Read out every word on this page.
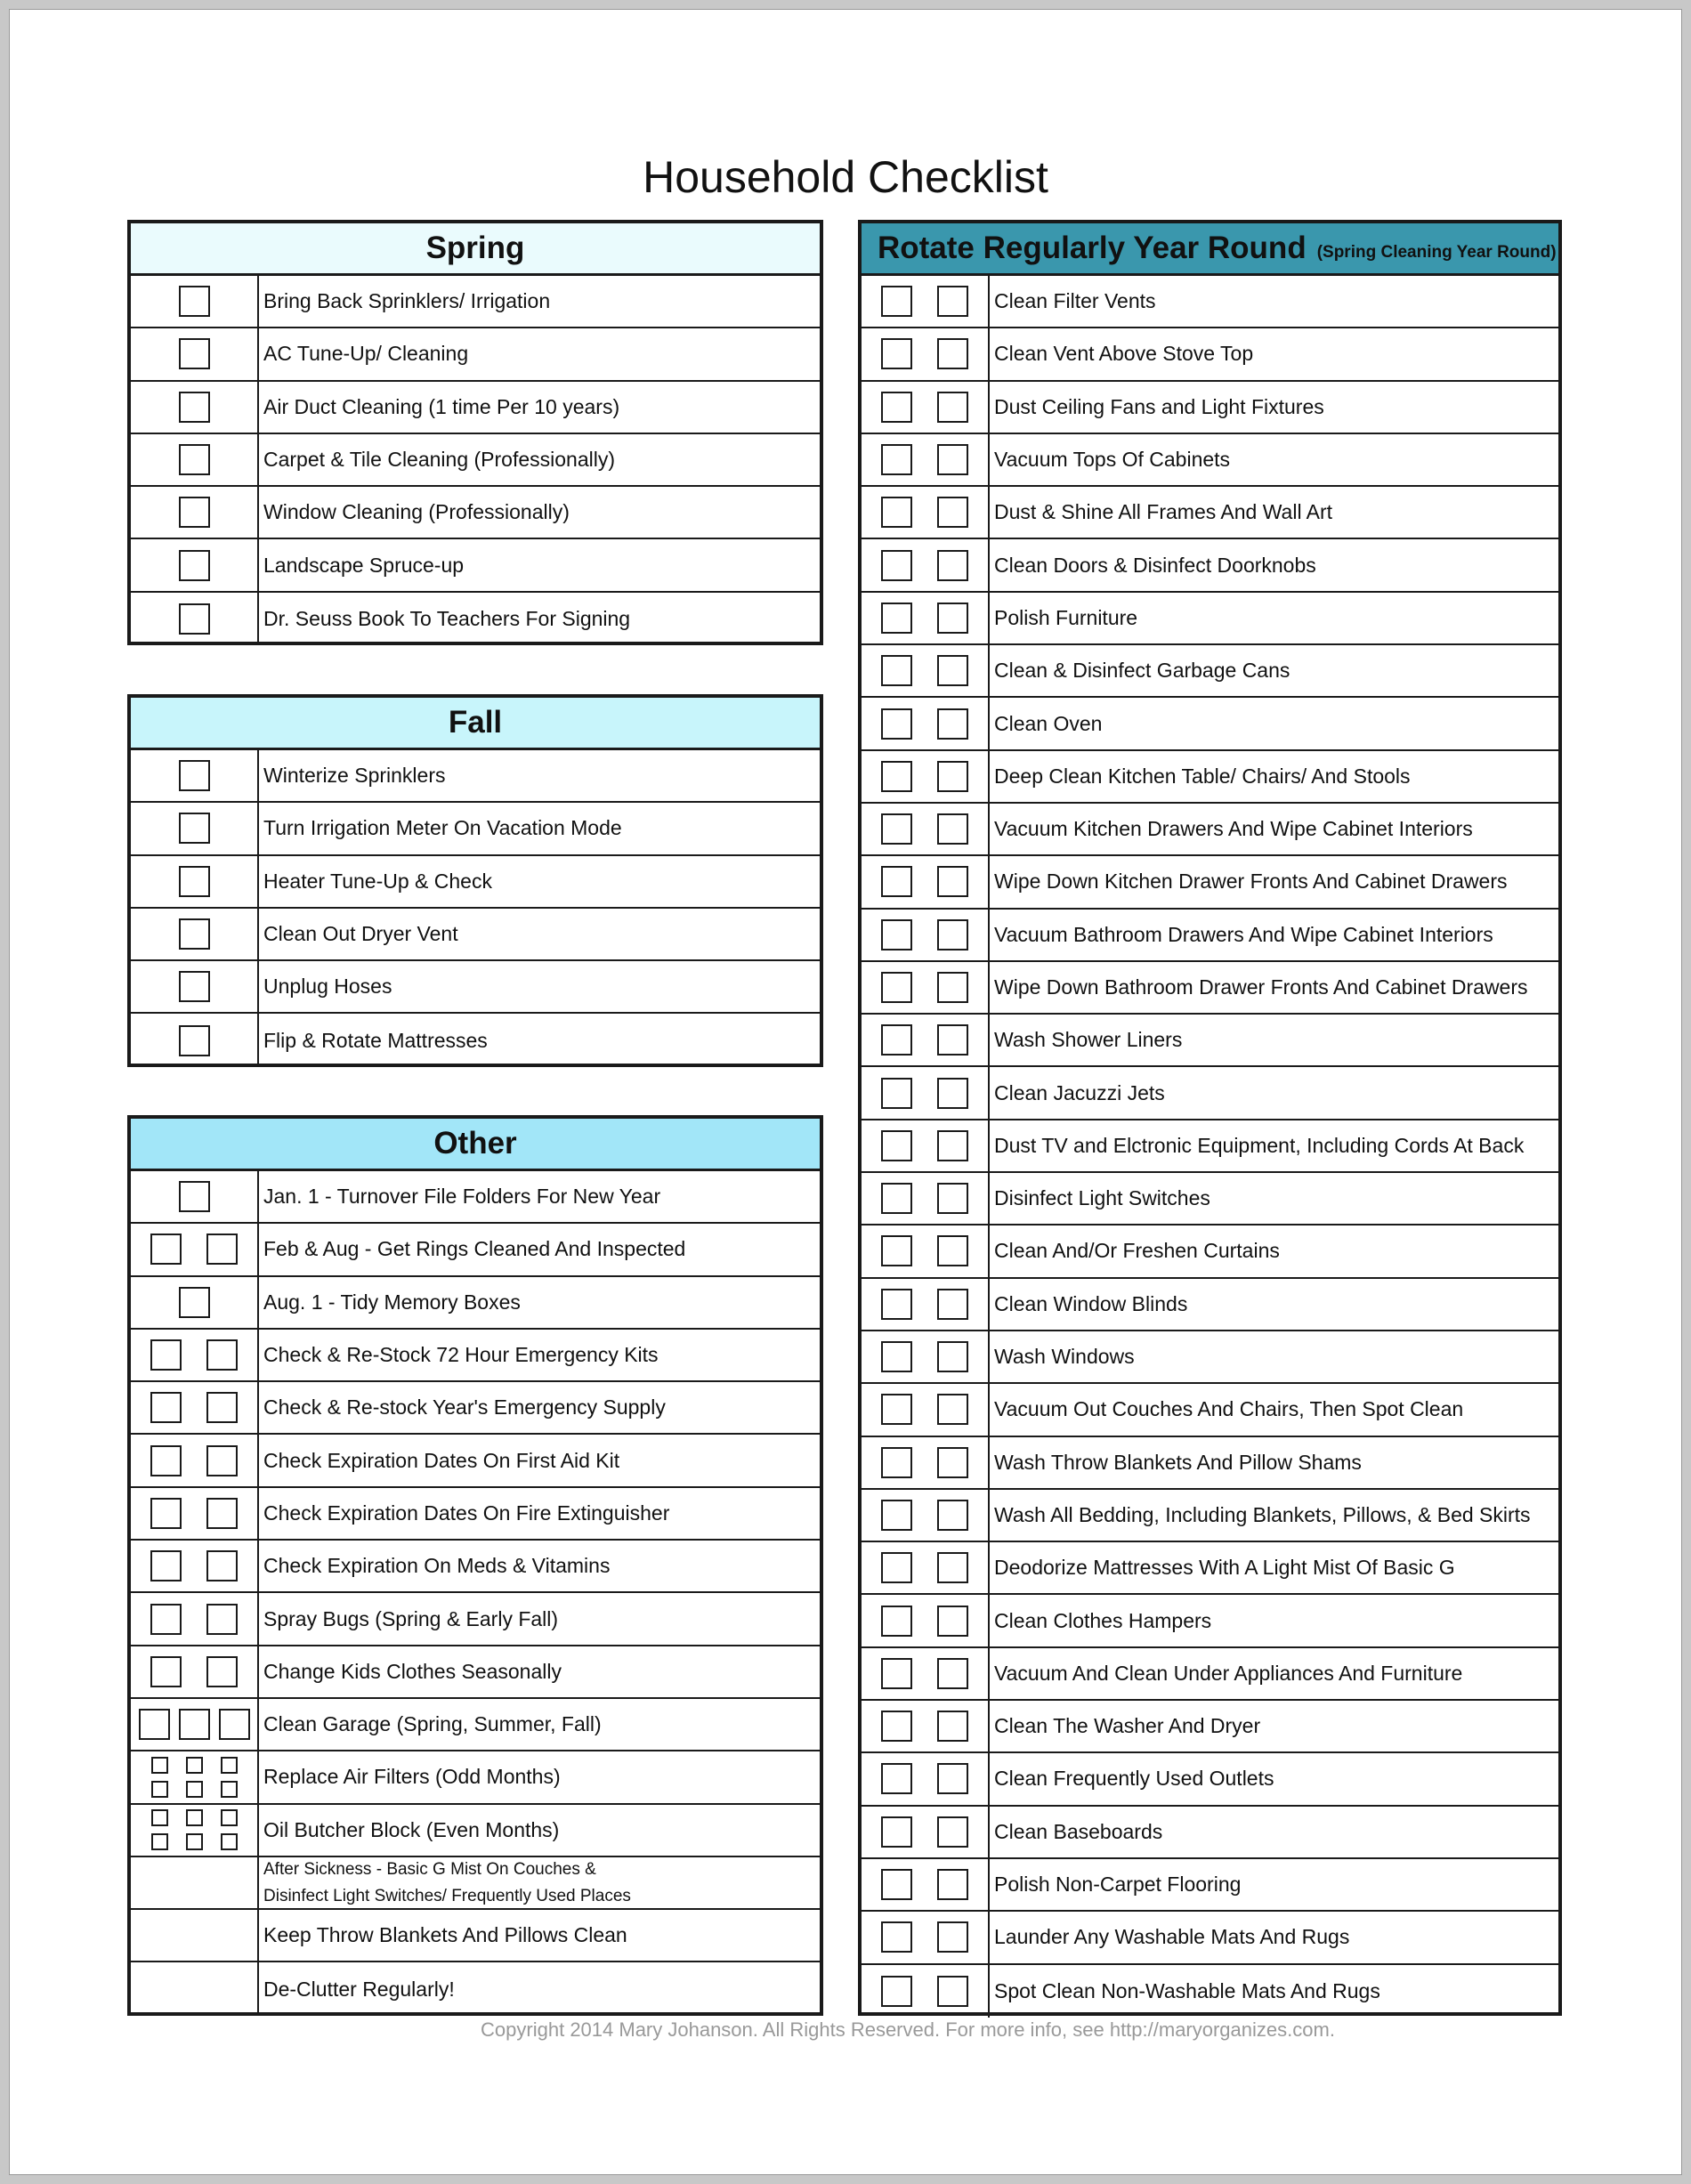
Household Checklist
Spring
Bring Back Sprinklers/ Irrigation
AC Tune-Up/ Cleaning
Air Duct Cleaning (1 time Per 10 years)
Carpet & Tile Cleaning (Professionally)
Window Cleaning (Professionally)
Landscape Spruce-up
Dr. Seuss Book To Teachers For Signing
Fall
Winterize Sprinklers
Turn Irrigation Meter On Vacation Mode
Heater Tune-Up & Check
Clean Out Dryer Vent
Unplug Hoses
Flip & Rotate Mattresses
Other
Jan. 1 - Turnover File Folders For New Year
Feb & Aug - Get Rings Cleaned And Inspected
Aug. 1 - Tidy Memory Boxes
Check & Re-Stock 72 Hour Emergency Kits
Check & Re-stock Year's Emergency Supply
Check Expiration Dates On First Aid Kit
Check Expiration Dates On Fire Extinguisher
Check Expiration On Meds & Vitamins
Spray Bugs (Spring & Early Fall)
Change Kids Clothes Seasonally
Clean Garage (Spring, Summer, Fall)
Replace Air Filters (Odd Months)
Oil Butcher Block (Even Months)
After Sickness - Basic G Mist On Couches &
Disinfect Light Switches/ Frequently Used Places
Keep Throw Blankets And Pillows Clean
De-Clutter Regularly!
Rotate Regularly Year Round (Spring Cleaning Year Round)
Clean Filter Vents
Clean Vent Above Stove Top
Dust Ceiling Fans and Light Fixtures
Vacuum Tops Of Cabinets
Dust & Shine All Frames And Wall Art
Clean Doors & Disinfect Doorknobs
Polish Furniture
Clean & Disinfect Garbage Cans
Clean Oven
Deep Clean Kitchen Table/ Chairs/ And Stools
Vacuum Kitchen Drawers And Wipe Cabinet Interiors
Wipe Down Kitchen Drawer Fronts And Cabinet Drawers
Vacuum Bathroom Drawers And Wipe Cabinet Interiors
Wipe Down Bathroom Drawer Fronts And Cabinet Drawers
Wash Shower Liners
Clean Jacuzzi Jets
Dust TV and Elctronic Equipment, Including Cords At Back
Disinfect Light Switches
Clean And/Or Freshen Curtains
Clean Window Blinds
Wash Windows
Vacuum Out Couches And Chairs, Then Spot Clean
Wash Throw Blankets And Pillow Shams
Wash All Bedding, Including Blankets, Pillows, & Bed Skirts
Deodorize Mattresses With A Light Mist Of Basic G
Clean Clothes Hampers
Vacuum And Clean Under Appliances And Furniture
Clean The Washer And Dryer
Clean Frequently Used Outlets
Clean Baseboards
Polish Non-Carpet Flooring
Launder Any Washable Mats And Rugs
Spot Clean Non-Washable Mats And Rugs
Copyright 2014 Mary Johanson. All Rights Reserved. For more info, see http://maryorganizes.com.
